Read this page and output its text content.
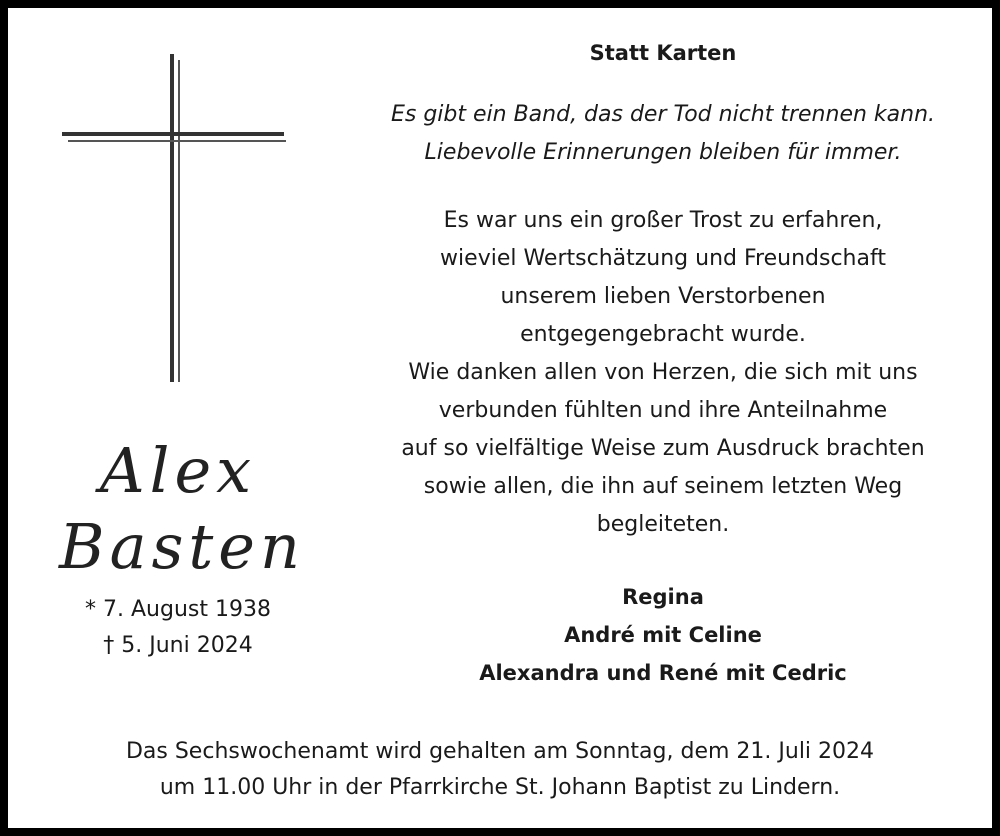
Alex
Basten
* 7. August 1938
† 5. Juni 2024
Statt Karten
Es gibt ein Band, das der Tod nicht trennen kann.
Liebevolle Erinnerungen bleiben für immer.
Es war uns ein großer Trost zu erfahren,
wieviel Wertschätzung und Freundschaft
unserem lieben Verstorbenen
entgegengebracht wurde.
Wie danken allen von Herzen, die sich mit uns
verbunden fühlten und ihre Anteilnahme
auf so vielfältige Weise zum Ausdruck brachten
sowie allen, die ihn auf seinem letzten Weg
begleiteten.
Regina
André mit Celine
Alexandra und René mit Cedric
Das Sechswochenamt wird gehalten am Sonntag, dem 21. Juli 2024
um 11.00 Uhr in der Pfarrkirche St. Johann Baptist zu Lindern.
